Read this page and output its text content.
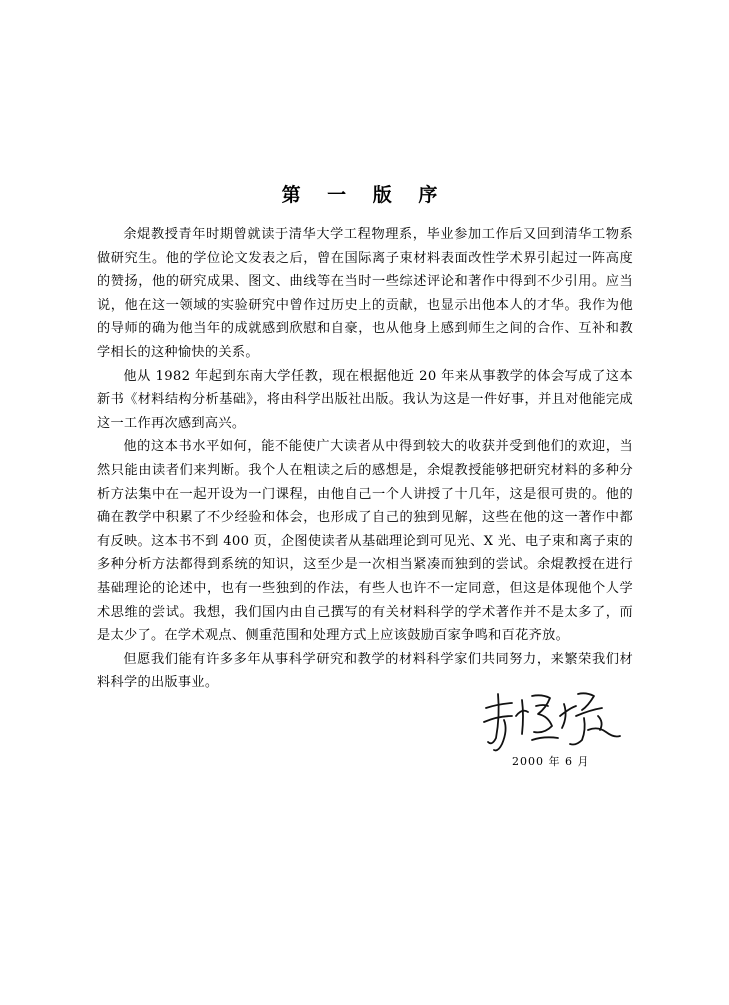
第 一 版 序

余焜教授青年时期曾就读于清华大学工程物理系，毕业参加工作后又回到清华工物系做研究生。他的学位论文发表之后，曾在国际离子束材料表面改性学术界引起过一阵高度的赞扬，他的研究成果、图文、曲线等在当时一些综述评论和著作中得到不少引用。应当说，他在这一领域的实验研究中曾作过历史上的贡献，也显示出他本人的才华。我作为他的导师的确为他当年的成就感到欣慰和自豪，也从他身上感到师生之间的合作、互补和教学相长的这种愉快的关系。

他从 1982 年起到东南大学任教，现在根据他近 20 年来从事教学的体会写成了这本新书《材料结构分析基础》，将由科学出版社出版。我认为这是一件好事，并且对他能完成这一工作再次感到高兴。

他的这本书水平如何，能不能使广大读者从中得到较大的收获并受到他们的欢迎，当然只能由读者们来判断。我个人在粗读之后的感想是，余焜教授能够把研究材料的多种分析方法集中在一起开设为一门课程，由他自己一个人讲授了十几年，这是很可贵的。他的确在教学中积累了不少经验和体会，也形成了自己的独到见解，这些在他的这一著作中都有反映。这本书不到 400 页，企图使读者从基础理论到可见光、X 光、电子束和离子束的多种分析方法都得到系统的知识，这至少是一次相当紧凑而独到的尝试。余焜教授在进行基础理论的论述中，也有一些独到的作法，有些人也许不一定同意，但这是体现他个人学术思维的尝试。我想，我们国内由自己撰写的有关材料科学的学术著作并不是太多了，而是太少了。在学术观点、侧重范围和处理方式上应该鼓励百家争鸣和百花齐放。

但愿我们能有许多多年从事科学研究和教学的材料科学家们共同努力，来繁荣我们材料科学的出版事业。

2000 年 6 月
